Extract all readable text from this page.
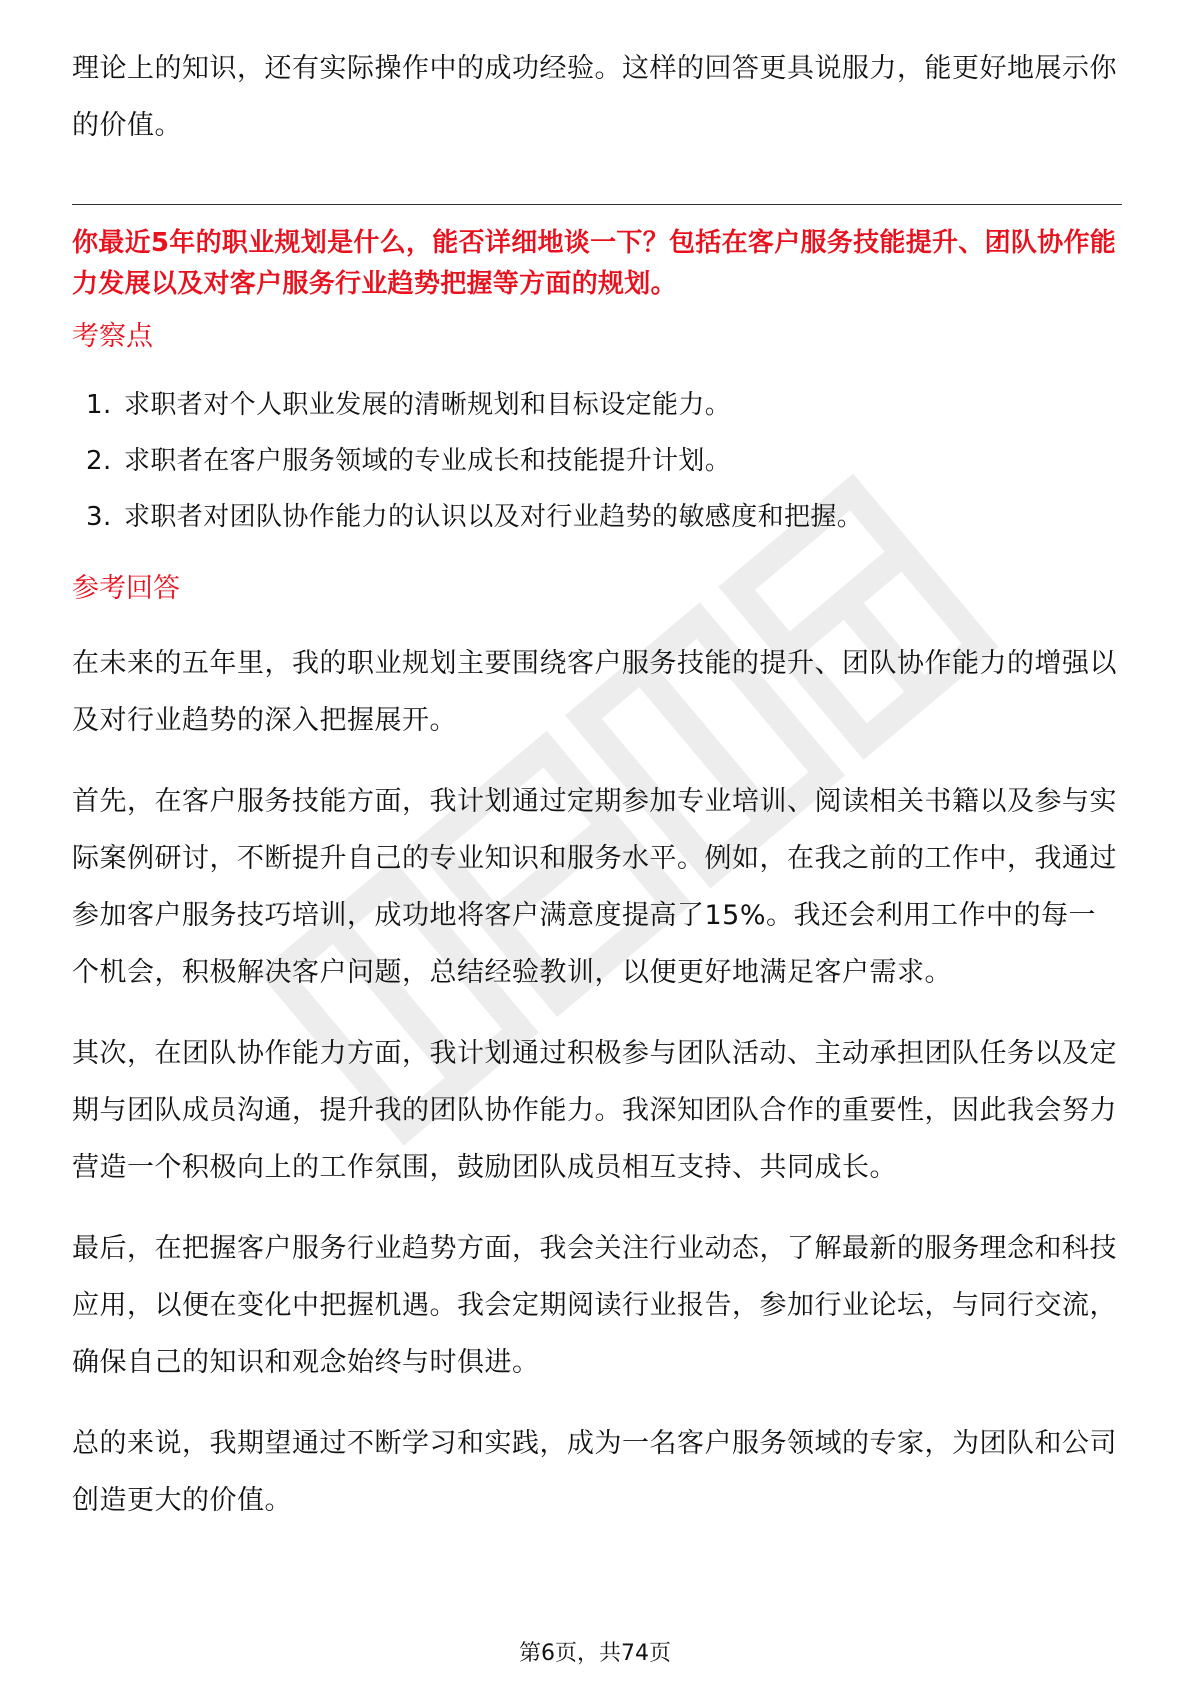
理论上的知识，还有实际操作中的成功经验。这样的回答更具说服力，能更好地展示你的价值。

你最近5年的职业规划是什么，能否详细地谈一下？包括在客户服务技能提升、团队协作能力发展以及对客户服务行业趋势把握等方面的规划。

考察点

1. 求职者对个人职业发展的清晰规划和目标设定能力。
2. 求职者在客户服务领域的专业成长和技能提升计划。
3. 求职者对团队协作能力的认识以及对行业趋势的敏感度和把握。

参考回答

在未来的五年里，我的职业规划主要围绕客户服务技能的提升、团队协作能力的增强以及对行业趋势的深入把握展开。

首先，在客户服务技能方面，我计划通过定期参加专业培训、阅读相关书籍以及参与实际案例研讨，不断提升自己的专业知识和服务水平。例如，在我之前的工作中，我通过参加客户服务技巧培训，成功地将客户满意度提高了15%。我还会利用工作中的每一个机会，积极解决客户问题，总结经验教训，以便更好地满足客户需求。

其次，在团队协作能力方面，我计划通过积极参与团队活动、主动承担团队任务以及定期与团队成员沟通，提升我的团队协作能力。我深知团队合作的重要性，因此我会努力营造一个积极向上的工作氛围，鼓励团队成员相互支持、共同成长。

最后，在把握客户服务行业趋势方面，我会关注行业动态，了解最新的服务理念和科技应用，以便在变化中把握机遇。我会定期阅读行业报告，参加行业论坛，与同行交流，确保自己的知识和观念始终与时俱进。

总的来说，我期望通过不断学习和实践，成为一名客户服务领域的专家，为团队和公司创造更大的价值。

第6页，共74页
